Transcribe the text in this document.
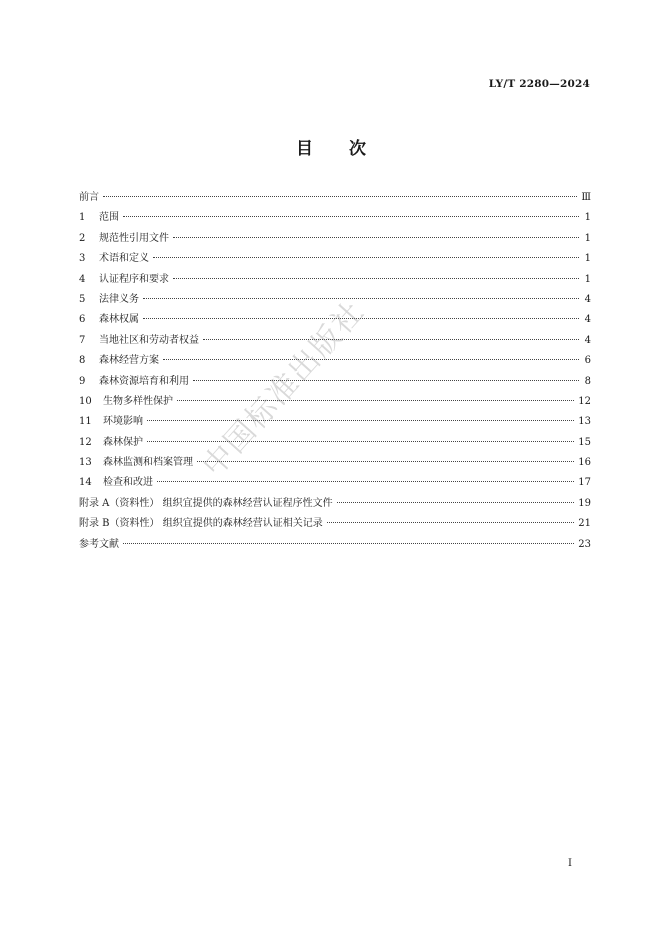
LY/T 2280—2024
目 次
前言	Ⅲ
1	范围	1
2	规范性引用文件	1
3	术语和定义	1
4	认证程序和要求	1
5	法律义务	4
6	森林权属	4
7	当地社区和劳动者权益	4
8	森林经营方案	6
9	森林资源培育和利用	8
10	生物多样性保护	12
11	环境影响	13
12	森林保护	15
13	森林监测和档案管理	16
14	检查和改进	17
附录 A（资料性） 组织宜提供的森林经营认证程序性文件	19
附录 B（资料性） 组织宜提供的森林经营认证相关记录	21
参考文献	23
中国标准出版社
I
